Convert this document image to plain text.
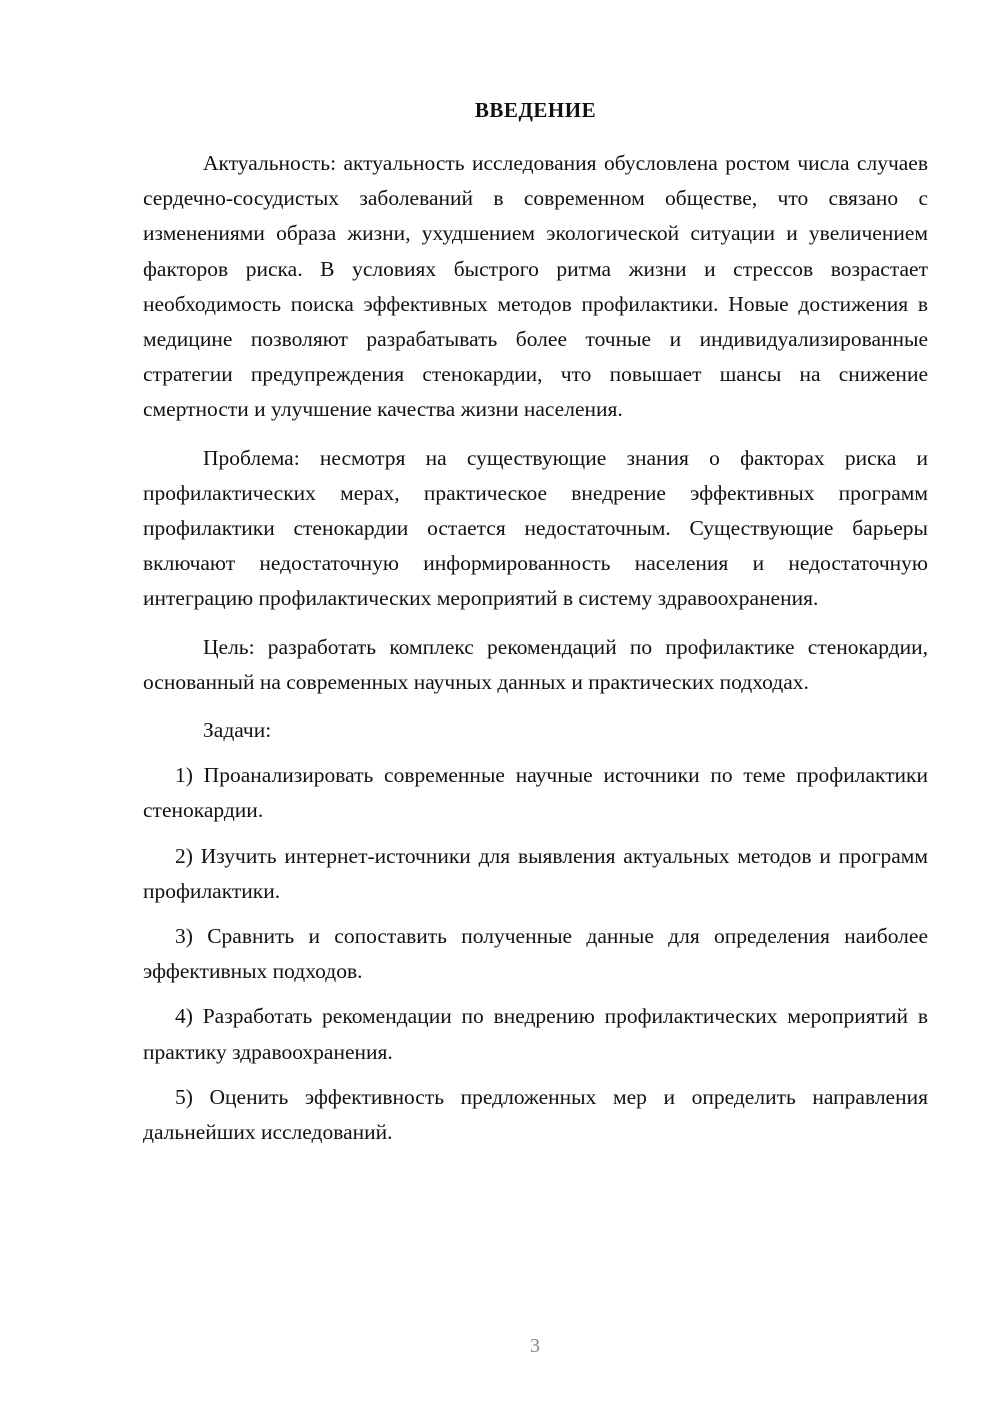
ВВЕДЕНИЕ

Актуальность: актуальность исследования обусловлена ростом числа случаев сердечно-сосудистых заболеваний в современном обществе, что связано с изменениями образа жизни, ухудшением экологической ситуации и увеличением факторов риска. В условиях быстрого ритма жизни и стрессов возрастает необходимость поиска эффективных методов профилактики. Новые достижения в медицине позволяют разрабатывать более точные и индивидуализированные стратегии предупреждения стенокардии, что повышает шансы на снижение смертности и улучшение качества жизни населения.

Проблема: несмотря на существующие знания о факторах риска и профилактических мерах, практическое внедрение эффективных программ профилактики стенокардии остается недостаточным. Существующие барьеры включают недостаточную информированность населения и недостаточную интеграцию профилактических мероприятий в систему здравоохранения.

Цель: разработать комплекс рекомендаций по профилактике стенокардии, основанный на современных научных данных и практических подходах.

Задачи:

1) Проанализировать современные научные источники по теме профилактики стенокардии.

2) Изучить интернет-источники для выявления актуальных методов и программ профилактики.

3) Сравнить и сопоставить полученные данные для определения наиболее эффективных подходов.

4) Разработать рекомендации по внедрению профилактических мероприятий в практику здравоохранения.

5) Оценить эффективность предложенных мер и определить направления дальнейших исследований.

3
